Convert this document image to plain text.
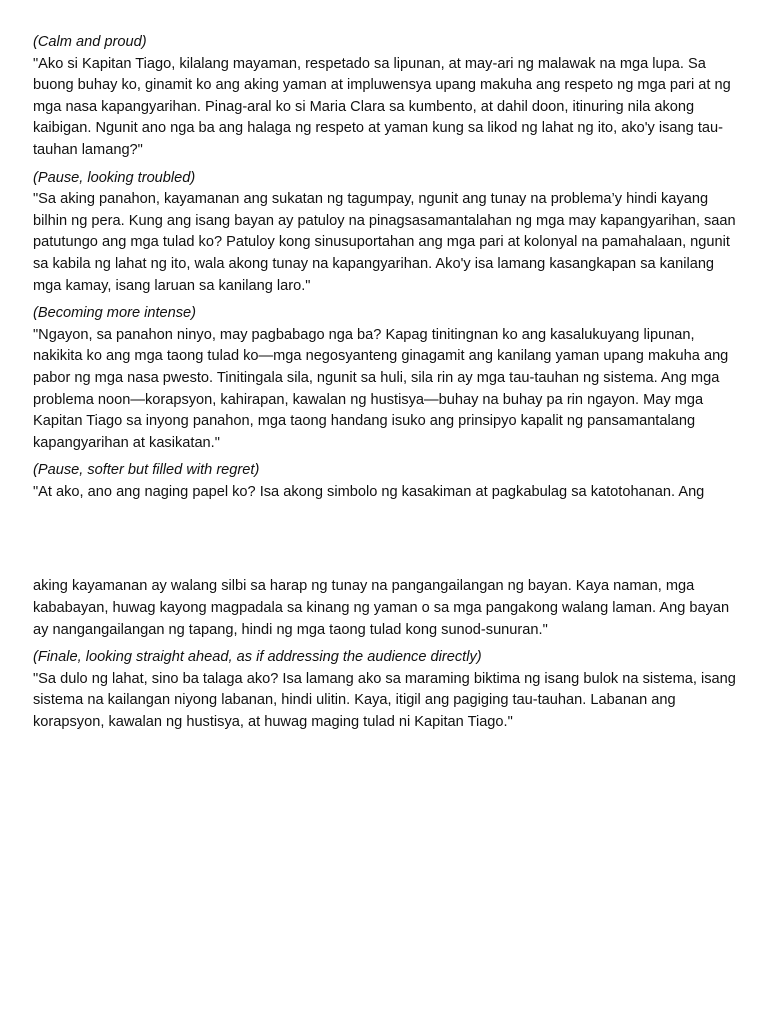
(Calm and proud)

"Ako si Kapitan Tiago, kilalang mayaman, respetado sa lipunan, at may-ari ng malawak na mga lupa. Sa buong buhay ko, ginamit ko ang aking yaman at impluwensya upang makuha ang respeto ng mga pari at ng mga nasa kapangyarihan. Pinag-aral ko si Maria Clara sa kumbento, at dahil doon, itinuring nila akong kaibigan. Ngunit ano nga ba ang halaga ng respeto at yaman kung sa likod ng lahat ng ito, ako'y isang tau-tauhan lamang?"

(Pause, looking troubled)

"Sa aking panahon, kayamanan ang sukatan ng tagumpay, ngunit ang tunay na problema’y hindi kayang bilhin ng pera. Kung ang isang bayan ay patuloy na pinagsasamantalahan ng mga may kapangyarihan, saan patutungo ang mga tulad ko? Patuloy kong sinusuportahan ang mga pari at kolonyal na pamahalaan, ngunit sa kabila ng lahat ng ito, wala akong tunay na kapangyarihan. Ako'y isa lamang kasangkapan sa kanilang mga kamay, isang laruan sa kanilang laro."

(Becoming more intense)

"Ngayon, sa panahon ninyo, may pagbabago nga ba? Kapag tinitingnan ko ang kasalukuyang lipunan, nakikita ko ang mga taong tulad ko—mga negosyanteng ginagamit ang kanilang yaman upang makuha ang pabor ng mga nasa pwesto. Tinitingala sila, ngunit sa huli, sila rin ay mga tau-tauhan ng sistema. Ang mga problema noon—korapsyon, kahirapan, kawalan ng hustisya—buhay na buhay pa rin ngayon. May mga Kapitan Tiago sa inyong panahon, mga taong handang isuko ang prinsipyo kapalit ng pansamantalang kapangyarihan at kasikatan."

(Pause, softer but filled with regret)

"At ako, ano ang naging papel ko? Isa akong simbolo ng kasakiman at pagkabulag sa katotohanan. Ang

aking kayamanan ay walang silbi sa harap ng tunay na pangangailangan ng bayan. Kaya naman, mga kababayan, huwag kayong magpadala sa kinang ng yaman o sa mga pangakong walang laman. Ang bayan ay nangangailangan ng tapang, hindi ng mga taong tulad kong sunod-sunuran."

(Finale, looking straight ahead, as if addressing the audience directly)

"Sa dulo ng lahat, sino ba talaga ako? Isa lamang ako sa maraming biktima ng isang bulok na sistema, isang sistema na kailangan niyong labanan, hindi ulitin. Kaya, itigil ang pagiging tau-tauhan. Labanan ang korapsyon, kawalan ng hustisya, at huwag maging tulad ni Kapitan Tiago."
